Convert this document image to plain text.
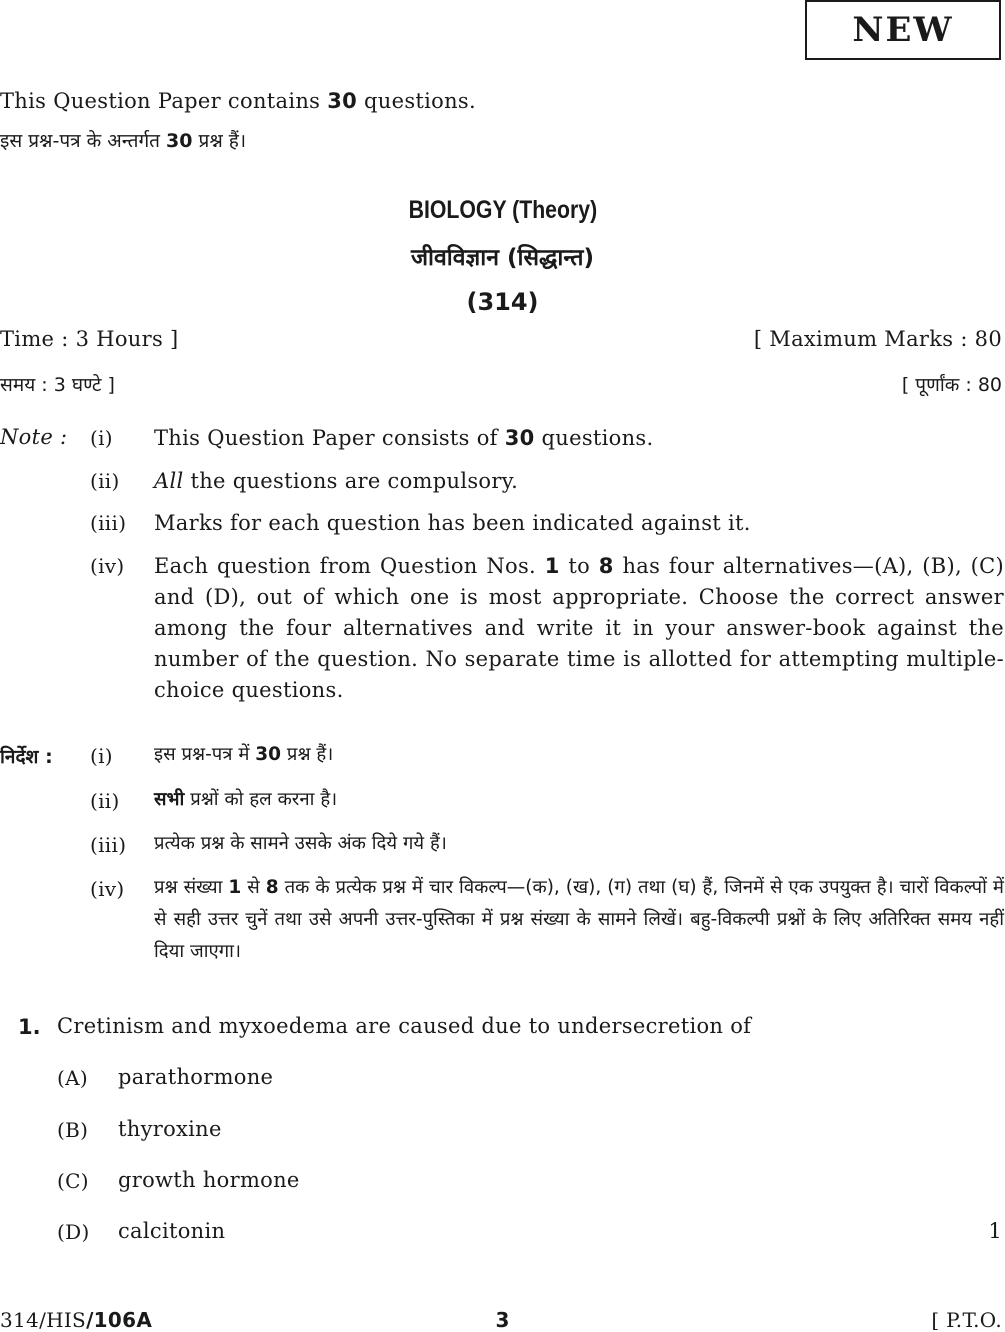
NEW
This Question Paper contains 30 questions.
इस प्रश्न-पत्र के अन्तर्गत 30 प्रश्न हैं।
BIOLOGY (Theory)
जीवविज्ञान (सिद्धान्त)
(314)
Time : 3 Hours ]	[ Maximum Marks : 80
समय : 3 घण्टे ]	[ पूर्णांक : 80
Note : (i) This Question Paper consists of 30 questions.
(ii) All the questions are compulsory.
(iii) Marks for each question has been indicated against it.
(iv) Each question from Question Nos. 1 to 8 has four alternatives—(A), (B), (C) and (D), out of which one is most appropriate. Choose the correct answer among the four alternatives and write it in your answer-book against the number of the question. No separate time is allotted for attempting multiple-choice questions.
निर्देश : (i) इस प्रश्न-पत्र में 30 प्रश्न हैं।
(ii) सभी प्रश्नों को हल करना है।
(iii) प्रत्येक प्रश्न के सामने उसके अंक दिये गये हैं।
(iv) प्रश्न संख्या 1 से 8 तक के प्रत्येक प्रश्न में चार विकल्प—(क), (ख), (ग) तथा (घ) हैं, जिनमें से एक उपयुक्त है। चारों विकल्पों में से सही उत्तर चुनें तथा उसे अपनी उत्तर-पुस्तिका में प्रश्न संख्या के सामने लिखें। बहु-विकल्पी प्रश्नों के लिए अतिरिक्त समय नहीं दिया जाएगा।
1. Cretinism and myxoedema are caused due to undersecretion of
(A) parathormone
(B) thyroxine
(C) growth hormone
(D) calcitonin	1
314/HIS/106A	3	[ P.T.O.
